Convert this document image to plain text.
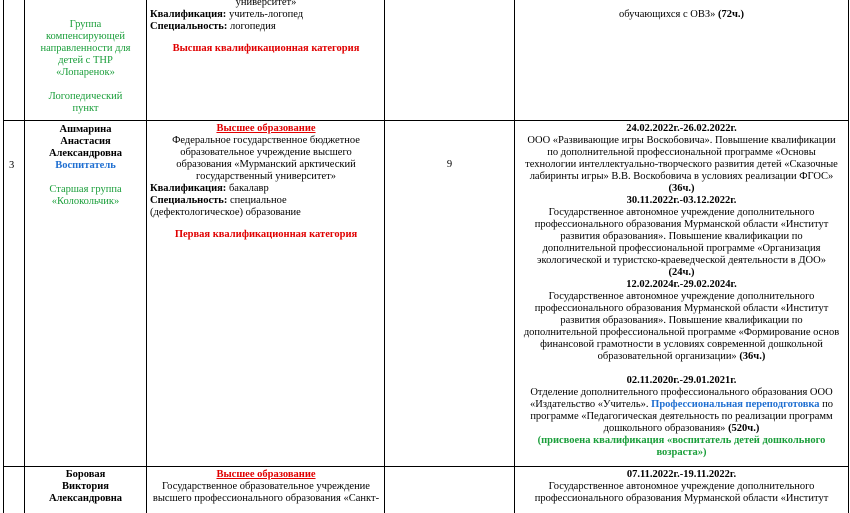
Группа

компенсирующей

направленности для

детей с ТНР

«Лопаренок»

Логопедический

пункт

университет»

Квалификация: учитель-логопед

Специальность: логопедия

Высшая квалификационная категория

обучающихся с ОВЗ» (72ч.)

3

Ашмарина

Анастасия

Александровна

Воспитатель

Старшая группа

«Колокольчик»

Высшее образование

Федеральное государственное бюджетное

образовательное учреждение высшего

образования «Мурманский арктический

государственный университет»

Квалификация: бакалавр

Специальность: специальное

(дефектологическое) образование

Первая квалификационная категория

9

24.02.2022г.-26.02.2022г.

ООО «Развивающие игры Воскобовича». Повышение квалификации

по дополнительной профессиональной программе «Основы

технологии интеллектуально-творческого развития детей «Сказочные

лабиринты игры» В.В. Воскобовича в условиях реализации ФГОС»

(36ч.)

30.11.2022г.-03.12.2022г.

Государственное автономное учреждение дополнительного

профессионального образования Мурманской области «Институт

развития образования». Повышение квалификации по

дополнительной профессиональной программе «Организация

экологической и туристско-краеведческой деятельности в ДОО»

(24ч.)

12.02.2024г.-29.02.2024г.

Государственное автономное учреждение дополнительного

профессионального образования Мурманской области «Институт

развития образования». Повышение квалификации по

дополнительной профессиональной программе «Формирование основ

финансовой грамотности в условиях современной дошкольной

образовательной организации» (36ч.)

02.11.2020г.-29.01.2021г.

Отделение дополнительного профессионального образования ООО

«Издательство «Учитель». Профессиональная переподготовка по

программе «Педагогическая деятельность по реализации программ

дошкольного образования» (520ч.)

(присвоена квалификация «воспитатель детей дошкольного

возраста»)

Боровая

Виктория

Александровна

Высшее образование

Государственное образовательное учреждение

высшего профессионального образования «Санкт-

07.11.2022г.-19.11.2022г.

Государственное автономное учреждение дополнительного

профессионального образования Мурманской области «Институт
